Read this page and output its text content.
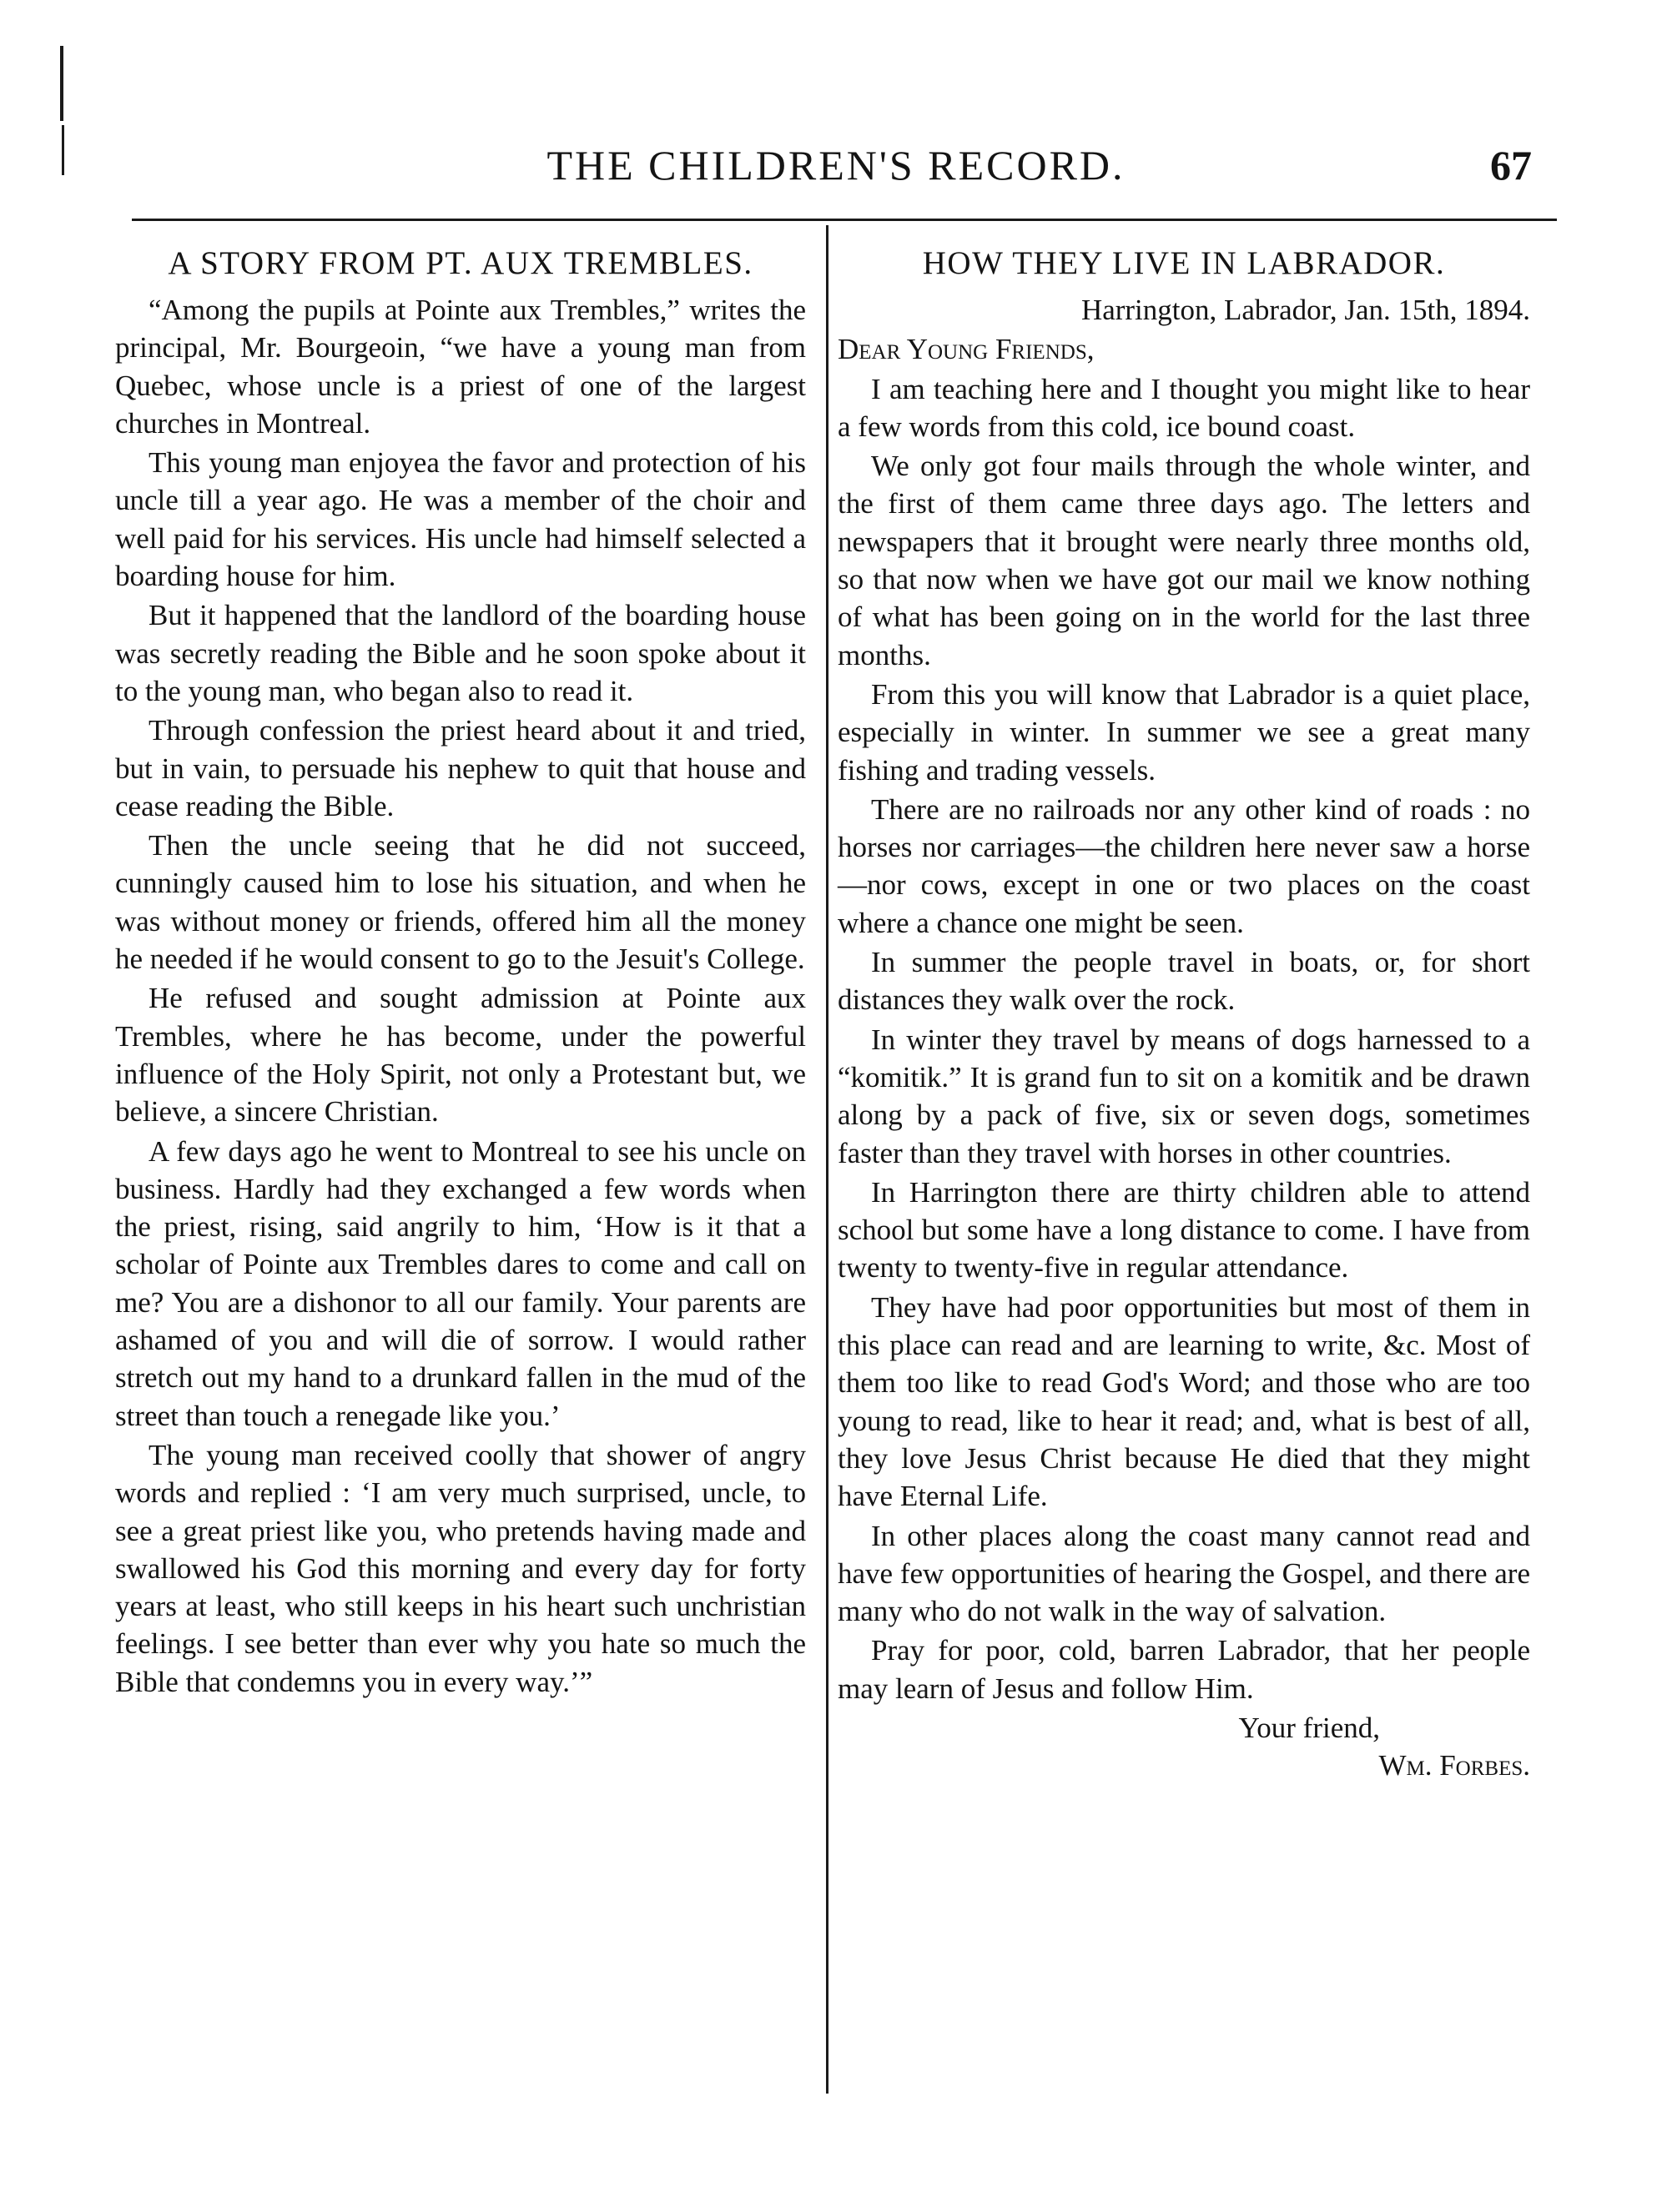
THE CHILDREN'S RECORD.	67
A STORY FROM PT. AUX TREMBLES.

“Among the pupils at Pointe aux Trembles,” writes the principal, Mr. Bourgeoin, “we have a young man from Quebec, whose uncle is a priest of one of the largest churches in Montreal.

This young man enjoyea the favor and protection of his uncle till a year ago. He was a member of the choir and well paid for his services. His uncle had himself selected a boarding house for him.

But it happened that the landlord of the boarding house was secretly reading the Bible and he soon spoke about it to the young man, who began also to read it.

Through confession the priest heard about it and tried, but in vain, to persuade his nephew to quit that house and cease reading the Bible.

Then the uncle seeing that he did not succeed, cunningly caused him to lose his situation, and when he was without money or friends, offered him all the money he needed if he would consent to go to the Jesuit's College.

He refused and sought admission at Pointe aux Trembles, where he has become, under the powerful influence of the Holy Spirit, not only a Protestant but, we believe, a sincere Christian.

A few days ago he went to Montreal to see his uncle on business. Hardly had they exchanged a few words when the priest, rising, said angrily to him, ‘How is it that a scholar of Pointe aux Trembles dares to come and call on me? You are a dishonor to all our family. Your parents are ashamed of you and will die of sorrow. I would rather stretch out my hand to a drunkard fallen in the mud of the street than touch a renegade like you.’

The young man received coolly that shower of angry words and replied : ‘I am very much surprised, uncle, to see a great priest like you, who pretends having made and swallowed his God this morning and every day for forty years at least, who still keeps in his heart such unchristian feelings. I see better than ever why you hate so much the Bible that condemns you in every way.’”

HOW THEY LIVE IN LABRADOR.
Harrington, Labrador, Jan. 15th, 1894.
Dear Young Friends,

I am teaching here and I thought you might like to hear a few words from this cold, ice bound coast.

We only got four mails through the whole winter, and the first of them came three days ago. The letters and newspapers that it brought were nearly three months old, so that now when we have got our mail we know nothing of what has been going on in the world for the last three months.

From this you will know that Labrador is a quiet place, especially in winter. In summer we see a great many fishing and trading vessels.

There are no railroads nor any other kind of roads : no horses nor carriages—the children here never saw a horse—nor cows, except in one or two places on the coast where a chance one might be seen.

In summer the people travel in boats, or, for short distances they walk over the rock.

In winter they travel by means of dogs harnessed to a “komitik.” It is grand fun to sit on a komitik and be drawn along by a pack of five, six or seven dogs, sometimes faster than they travel with horses in other countries.

In Harrington there are thirty children able to attend school but some have a long distance to come. I have from twenty to twenty-five in regular attendance.

They have had poor opportunities but most of them in this place can read and are learning to write, &c. Most of them too like to read God's Word; and those who are too young to read, like to hear it read; and, what is best of all, they love Jesus Christ because He died that they might have Eternal Life.

In other places along the coast many cannot read and have few opportunities of hearing the Gospel, and there are many who do not walk in the way of salvation.

Pray for poor, cold, barren Labrador, that her people may learn of Jesus and follow Him.

Your friend,
Wm. Forbes.
